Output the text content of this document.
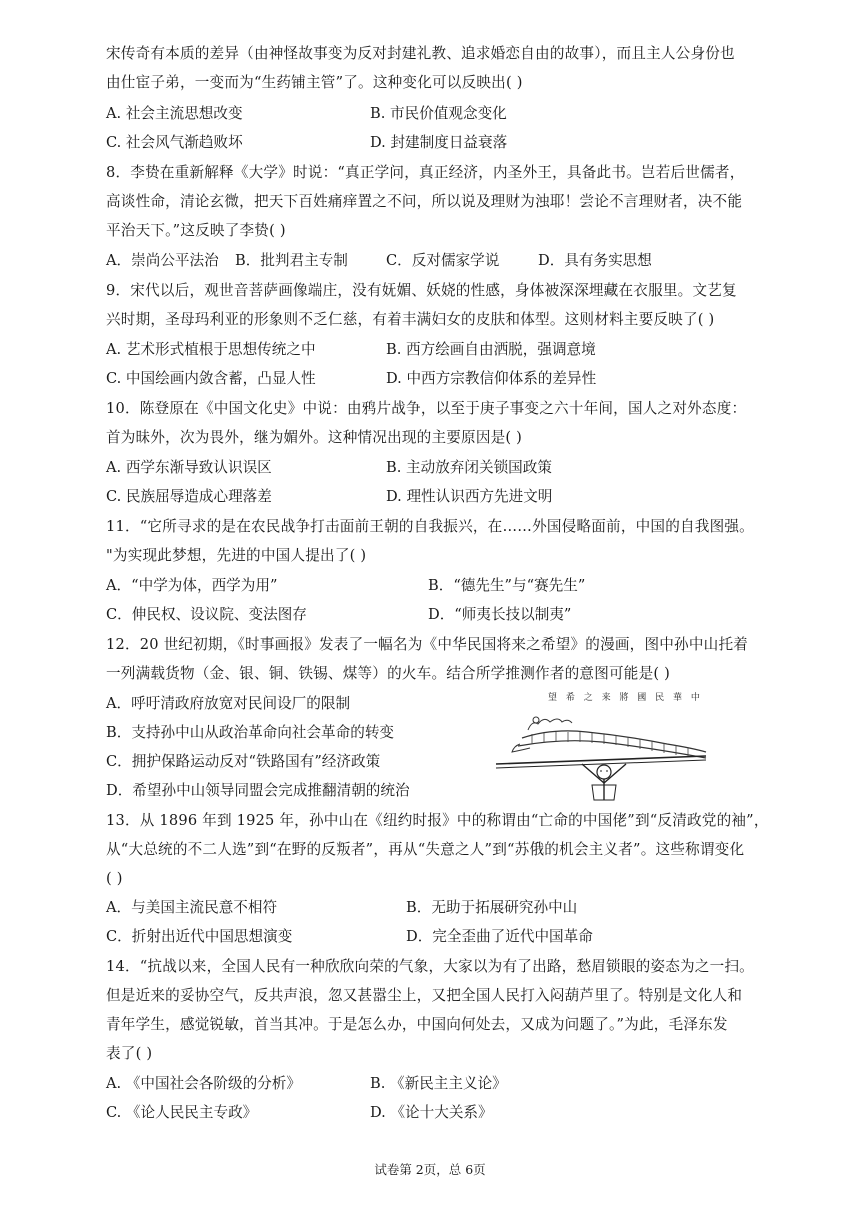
宋传奇有本质的差异（由神怪故事变为反对封建礼教、追求婚恋自由的故事），而且主人公身份也
由仕宦子弟，一变而为“生药铺主管”了。这种变化可以反映出( )
A. 社会主流思想改变	B. 市民价值观念变化
C. 社会风气渐趋败坏	D. 封建制度日益衰落
8．李贽在重新解释《大学》时说：“真正学问，真正经济，内圣外王，具备此书。岂若后世儒者，
高谈性命，清论玄微，把天下百姓痛痒置之不问，所以说及理财为浊耶！尝论不言理财者，决不能
平治天下。”这反映了李贽( )
A．崇尚公平法治 B．批判君主专制	C．反对儒家学说	D．具有务实思想
9．宋代以后，观世音菩萨画像端庄，没有妩媚、妖娆的性感，身体被深深埋藏在衣服里。文艺复
兴时期，圣母玛利亚的形象则不乏仁慈，有着丰满妇女的皮肤和体型。这则材料主要反映了( )
A. 艺术形式植根于思想传统之中	B. 西方绘画自由洒脱，强调意境
C. 中国绘画内敛含蓄，凸显人性	D. 中西方宗教信仰体系的差异性
10．陈登原在《中国文化史》中说：由鸦片战争，以至于庚子事变之六十年间，国人之对外态度：
首为昧外，次为畏外，继为媚外。这种情况出现的主要原因是( )
A. 西学东渐导致认识误区	B. 主动放弃闭关锁国政策
C. 民族屈辱造成心理落差	D. 理性认识西方先进文明
11．“它所寻求的是在农民战争打击面前王朝的自我振兴，在……外国侵略面前，中国的自我图强。
"为实现此梦想，先进的中国人提出了( )
A．“中学为体，西学为用”	B．“德先生”与“赛先生”
C．伸民权、设议院、变法图存	D．“师夷长技以制夷”
12．20 世纪初期，《时事画报》发表了一幅名为《中华民国将来之希望》的漫画，图中孙中山托着
一列满载货物（金、银、铜、铁锡、煤等）的火车。结合所学推测作者的意图可能是( )
A．呼吁清政府放宽对民间设厂的限制
B．支持孙中山从政治革命向社会革命的转变
C．拥护保路运动反对“铁路国有”经济政策
D．希望孙中山领导同盟会完成推翻清朝的统治
望 希 之 来 將 國 民 華 中
13．从 1896 年到 1925 年，孙中山在《纽约时报》中的称谓由“亡命的中国佬”到“反清政党的袖”，
从“大总统的不二人选”到“在野的反叛者”，再从“失意之人”到“苏俄的机会主义者”。这些称谓变化
( )
A．与美国主流民意不相符	B．无助于拓展研究孙中山
C．折射出近代中国思想演变	D．完全歪曲了近代中国革命
14．“抗战以来，全国人民有一种欣欣向荣的气象，大家以为有了出路，愁眉锁眼的姿态为之一扫。
但是近来的妥协空气，反共声浪，忽又甚嚣尘上，又把全国人民打入闷葫芦里了。特别是文化人和
青年学生，感觉锐敏，首当其冲。于是怎么办，中国向何处去，又成为问题了。”为此，毛泽东发
表了( )
A. 《中国社会各阶级的分析》	B. 《新民主主义论》
C. 《论人民民主专政》	D. 《论十大关系》
试卷第 2页，总 6页
